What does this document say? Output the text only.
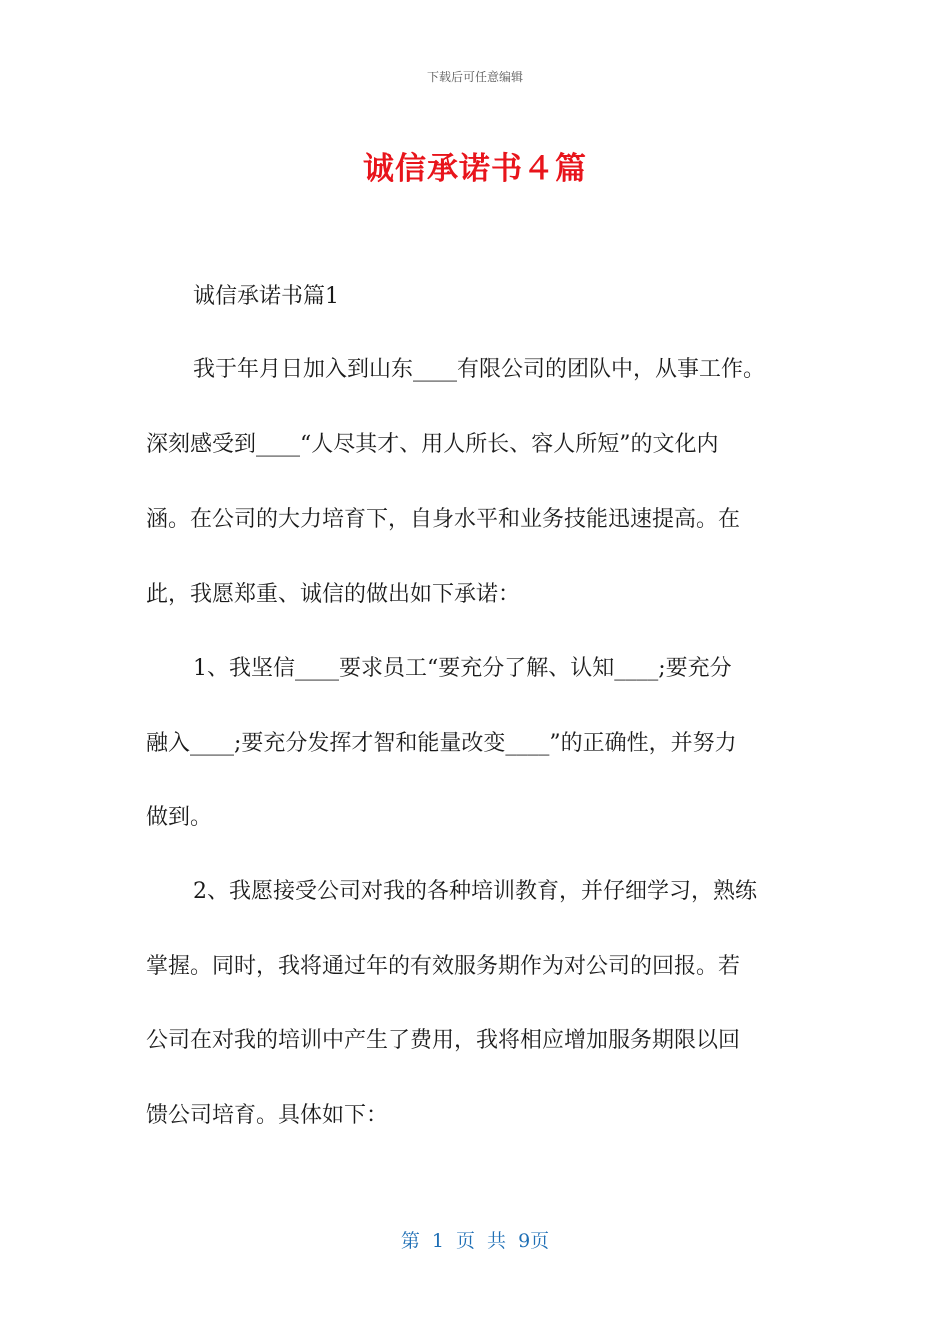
下载后可任意编辑
诚信承诺书４篇
诚信承诺书篇1
我于年月日加入到山东____有限公司的团队中，从事工作。
深刻感受到____“人尽其才、用人所长、容人所短”的文化内
涵。在公司的大力培育下，自身水平和业务技能迅速提高。在
此，我愿郑重、诚信的做出如下承诺：
1、我坚信____要求员工“要充分了解、认知____;要充分
融入____;要充分发挥才智和能量改变____”的正确性，并努力
做到。
2、我愿接受公司对我的各种培训教育，并仔细学习，熟练
掌握。同时，我将通过年的有效服务期作为对公司的回报。若
公司在对我的培训中产生了费用，我将相应增加服务期限以回
馈公司培育。具体如下：
第 1 页 共 9页
